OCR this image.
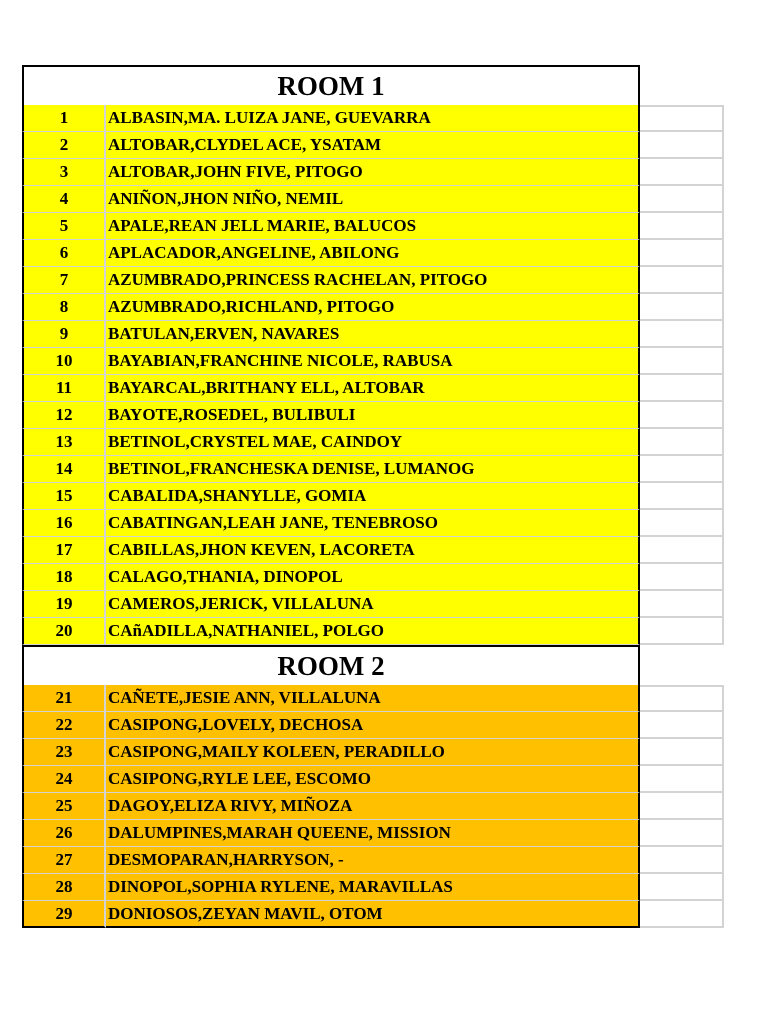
ROOM 1
1	ALBASIN,MA. LUIZA JANE, GUEVARRA
2	ALTOBAR,CLYDEL ACE, YSATAM
3	ALTOBAR,JOHN FIVE, PITOGO
4	ANIÑON,JHON NIÑO, NEMIL
5	APALE,REAN JELL MARIE, BALUCOS
6	APLACADOR,ANGELINE, ABILONG
7	AZUMBRADO,PRINCESS RACHELAN, PITOGO
8	AZUMBRADO,RICHLAND, PITOGO
9	BATULAN,ERVEN, NAVARES
10	BAYABIAN,FRANCHINE NICOLE, RABUSA
11	BAYARCAL,BRITHANY ELL, ALTOBAR
12	BAYOTE,ROSEDEL, BULIBULI
13	BETINOL,CRYSTEL MAE, CAINDOY
14	BETINOL,FRANCHESKA DENISE, LUMANOG
15	CABALIDA,SHANYLLE, GOMIA
16	CABATINGAN,LEAH JANE, TENEBROSO
17	CABILLAS,JHON KEVEN, LACORETA
18	CALAGO,THANIA, DINOPOL
19	CAMEROS,JERICK, VILLALUNA
20	CAñADILLA,NATHANIEL, POLGO
ROOM 2
21	CAÑETE,JESIE ANN, VILLALUNA
22	CASIPONG,LOVELY, DECHOSA
23	CASIPONG,MAILY KOLEEN, PERADILLO
24	CASIPONG,RYLE LEE, ESCOMO
25	DAGOY,ELIZA RIVY, MIÑOZA
26	DALUMPINES,MARAH QUEENE, MISSION
27	DESMOPARAN,HARRYSON, -
28	DINOPOL,SOPHIA RYLENE, MARAVILLAS
29	DONIOSOS,ZEYAN MAVIL, OTOM
